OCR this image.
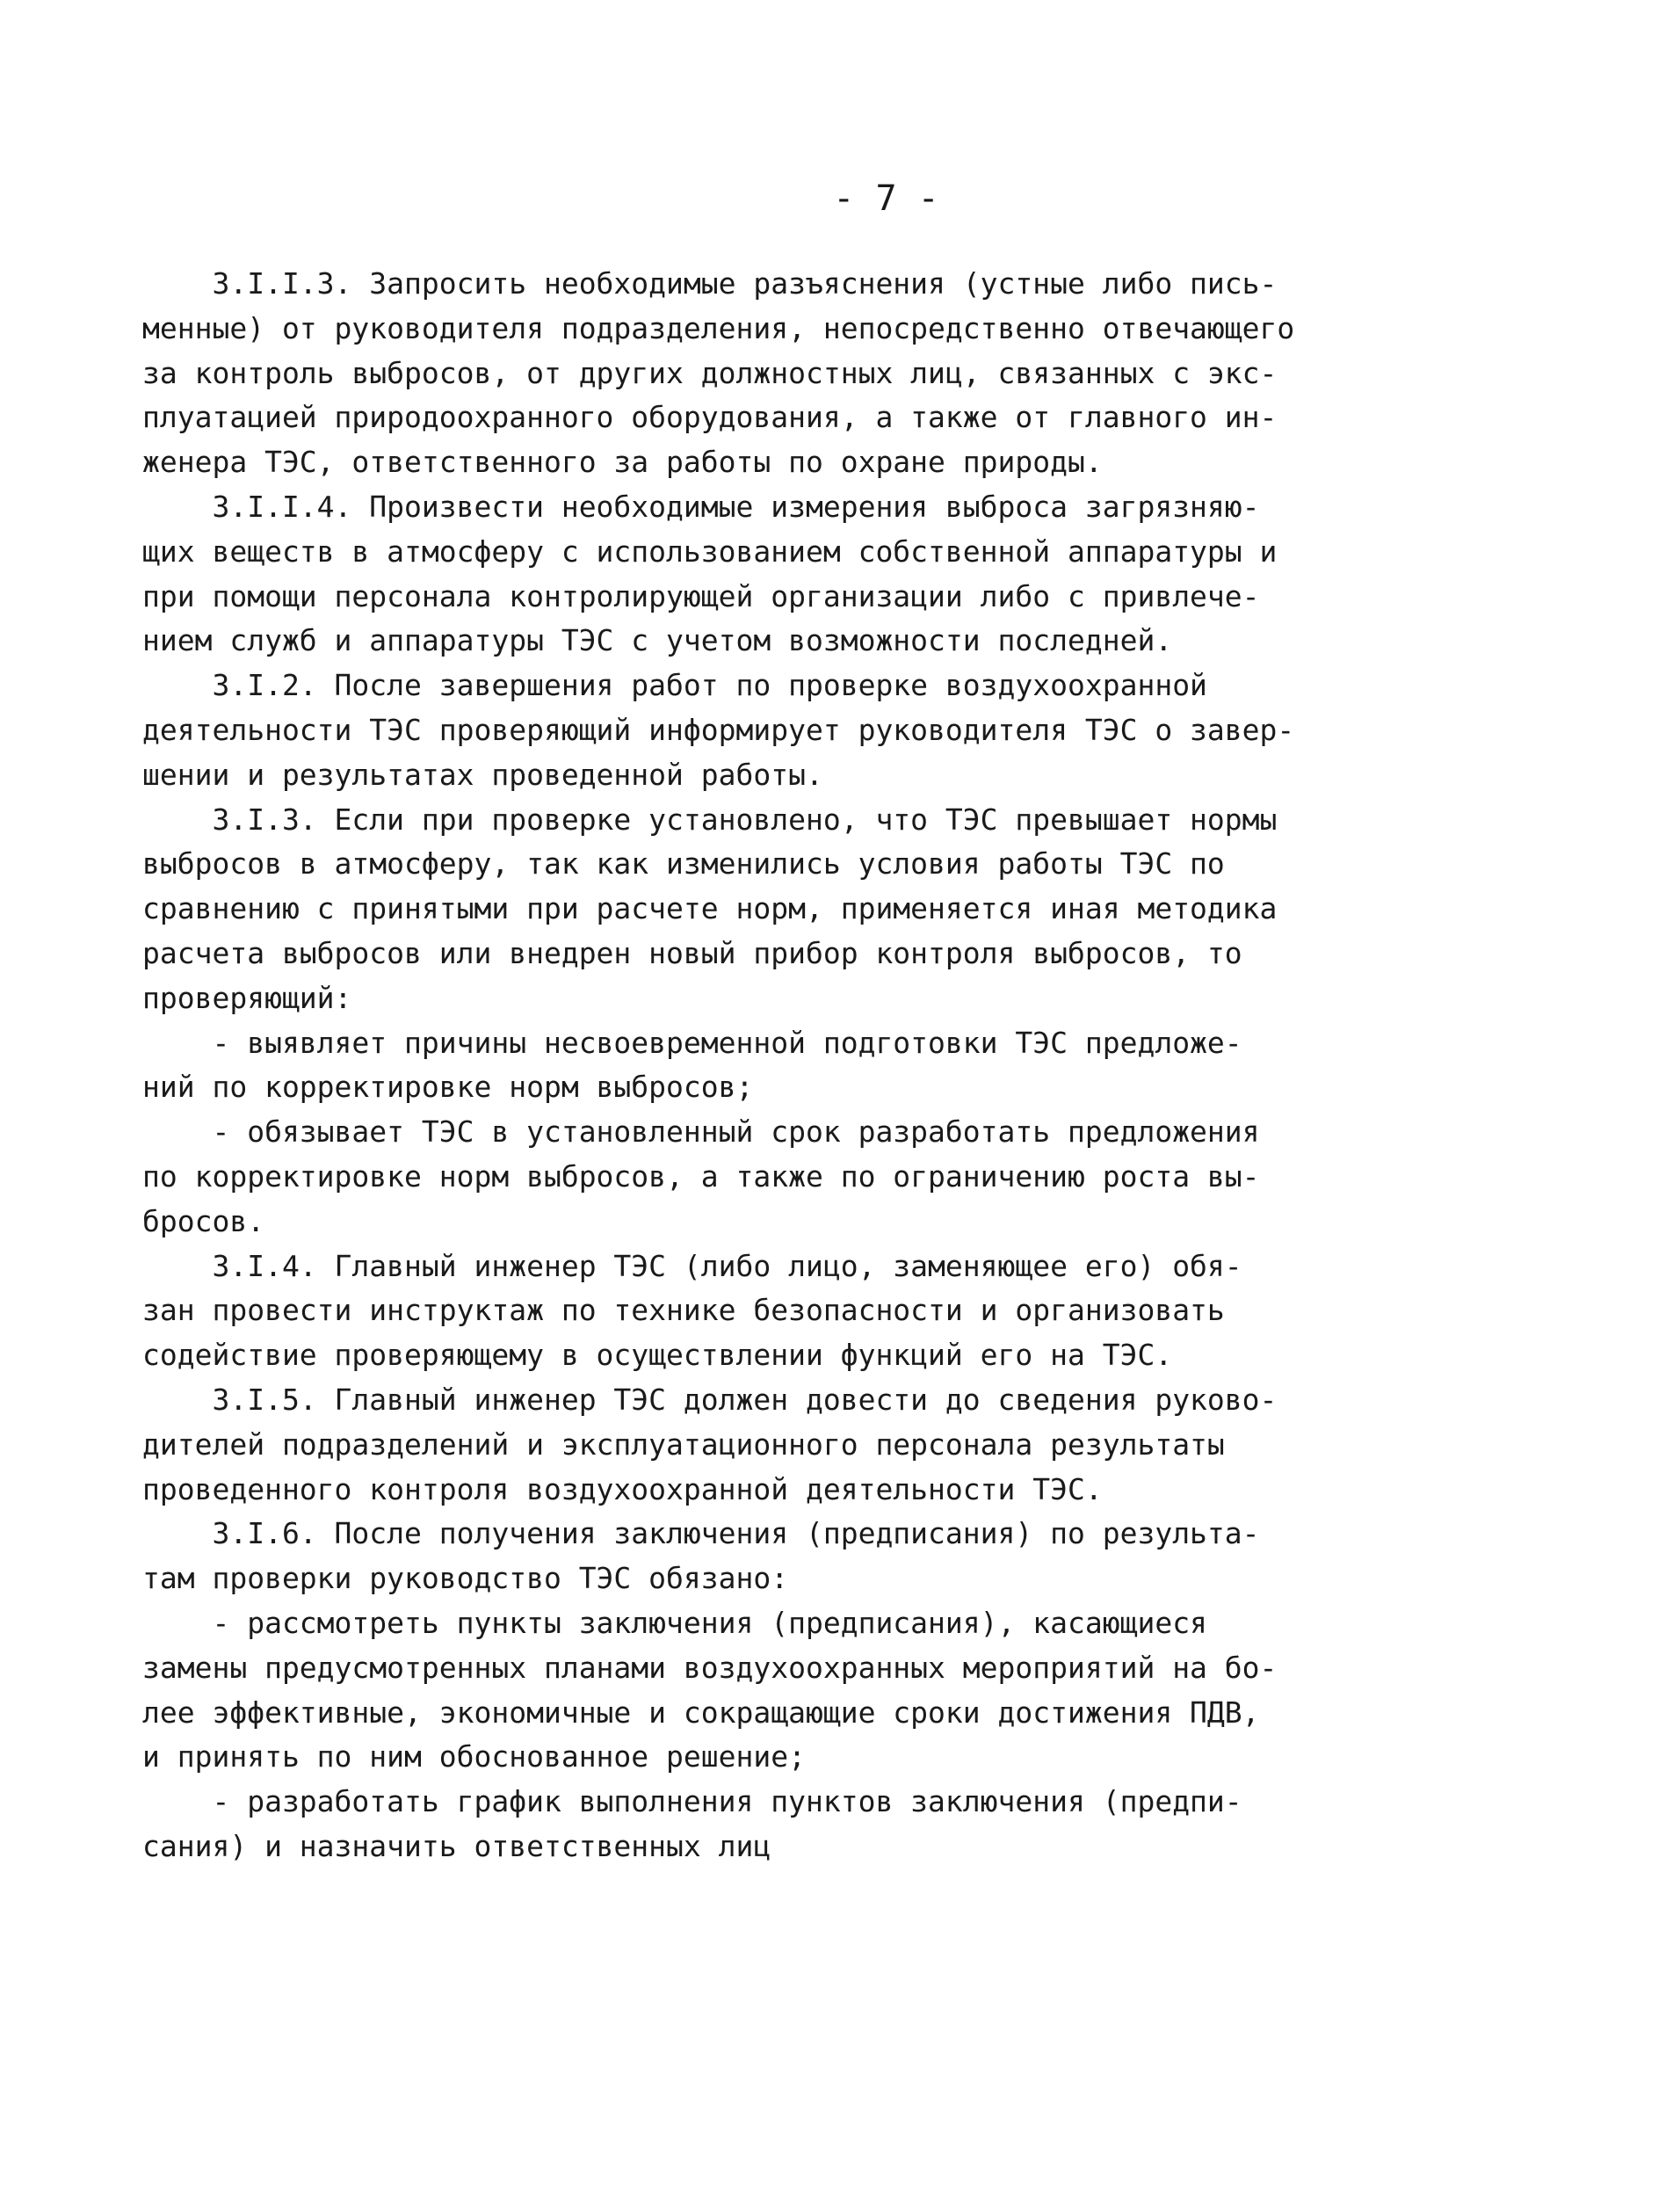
- 7 -
3.I.I.3. Запросить необходимые разъяснения (устные либо пись-
менные) от руководителя подразделения, непосредственно отвечающего
за контроль выбросов, от других должностных лиц, связанных с экс-
плуатацией природоохранного оборудования, а также от главного ин-
женера ТЭС, ответственного за работы по охране природы.
3.I.I.4. Произвести необходимые измерения выброса загрязняю-
щих веществ в атмосферу с использованием собственной аппаратуры и
при помощи персонала контролирующей организации либо с привлече-
нием служб и аппаратуры ТЭС с учетом возможности последней.
3.I.2. После завершения работ по проверке воздухоохранной
деятельности ТЭС проверяющий информирует руководителя ТЭС о завер-
шении и результатах проведенной работы.
3.I.3. Если при проверке установлено, что ТЭС превышает нормы
выбросов в атмосферу, так как изменились условия работы ТЭС по
сравнению с принятыми при расчете норм, применяется иная методика
расчета выбросов или внедрен новый прибор контроля выбросов, то
проверяющий:
- выявляет причины несвоевременной подготовки ТЭС предложе-
ний по корректировке норм выбросов;
- обязывает ТЭС в установленный срок разработать предложения
по корректировке норм выбросов, а также по ограничению роста вы-
бросов.
3.I.4. Главный инженер ТЭС (либо лицо, заменяющее его) обя-
зан провести инструктаж по технике безопасности и организовать
содействие проверяющему в осуществлении функций его на ТЭС.
3.I.5. Главный инженер ТЭС должен довести до сведения руково-
дителей подразделений и эксплуатационного персонала результаты
проведенного контроля воздухоохранной деятельности ТЭС.
3.I.6. После получения заключения (предписания) по результа-
там проверки руководство ТЭС обязано:
- рассмотреть пункты заключения (предписания), касающиеся
замены предусмотренных планами воздухоохранных мероприятий на бо-
лее эффективные, экономичные и сокращающие сроки достижения ПДВ,
и принять по ним обоснованное решение;
- разработать график выполнения пунктов заключения (предпи-
сания) и назначить ответственных лиц
